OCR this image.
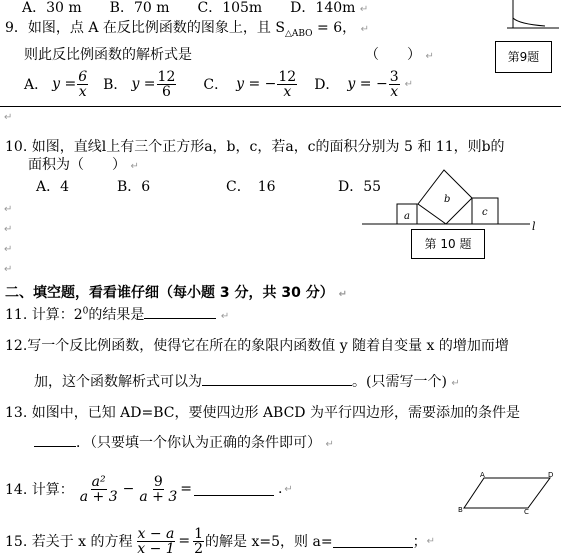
A．30 m　　B．70 m　　C．105m　　D．140m ↵
第9题
9．如图，点 A 在反比例函数的图象上，且 $S_{\triangle ABO} = 6$， ↵
则此反比例函数的解析式是	（　　） ↵
A． $y = \frac{6}{x}$ B． $y = \frac{12}{6}$ C． y = − $\frac{12}{x}$ D． y = − $\frac{3}{x}$ ↵
↵
10. 如图，直线l上有三个正方形a，b，c，若a，c的面积分别为 5 和 11，则b的
面积为（　　） ↵
A．4	B．6	C．　16	D．55
a
b
c
l
第 10 题
↵
↵
↵
↵
二、填空题，看看谁仔细（每小题 3 分，共 30 分） ↵
11. 计算：$2^0$的结果是	↵
12.写一个反比例函数，使得它在所在的象限内函数值 y 随着自变量 x 的增加而增
加，这个函数解析式可以为	。(只需写一个) ↵
13. 如图中，已知 AD=BC，要使四边形 ABCD 为平行四边形，需要添加的条件是
．（只要填一个你认为正确的条件即可） ↵
14. 计算： $\frac{\text{a²}}{a + 3} - \frac{9}{a + 3}$ =	. ↵
A
B	C
D
15. 若关于 x 的方程 $\frac{x - a}{x - 1} = \frac{1}{2}$ 的解是 x=5，则 a=	； ↵
